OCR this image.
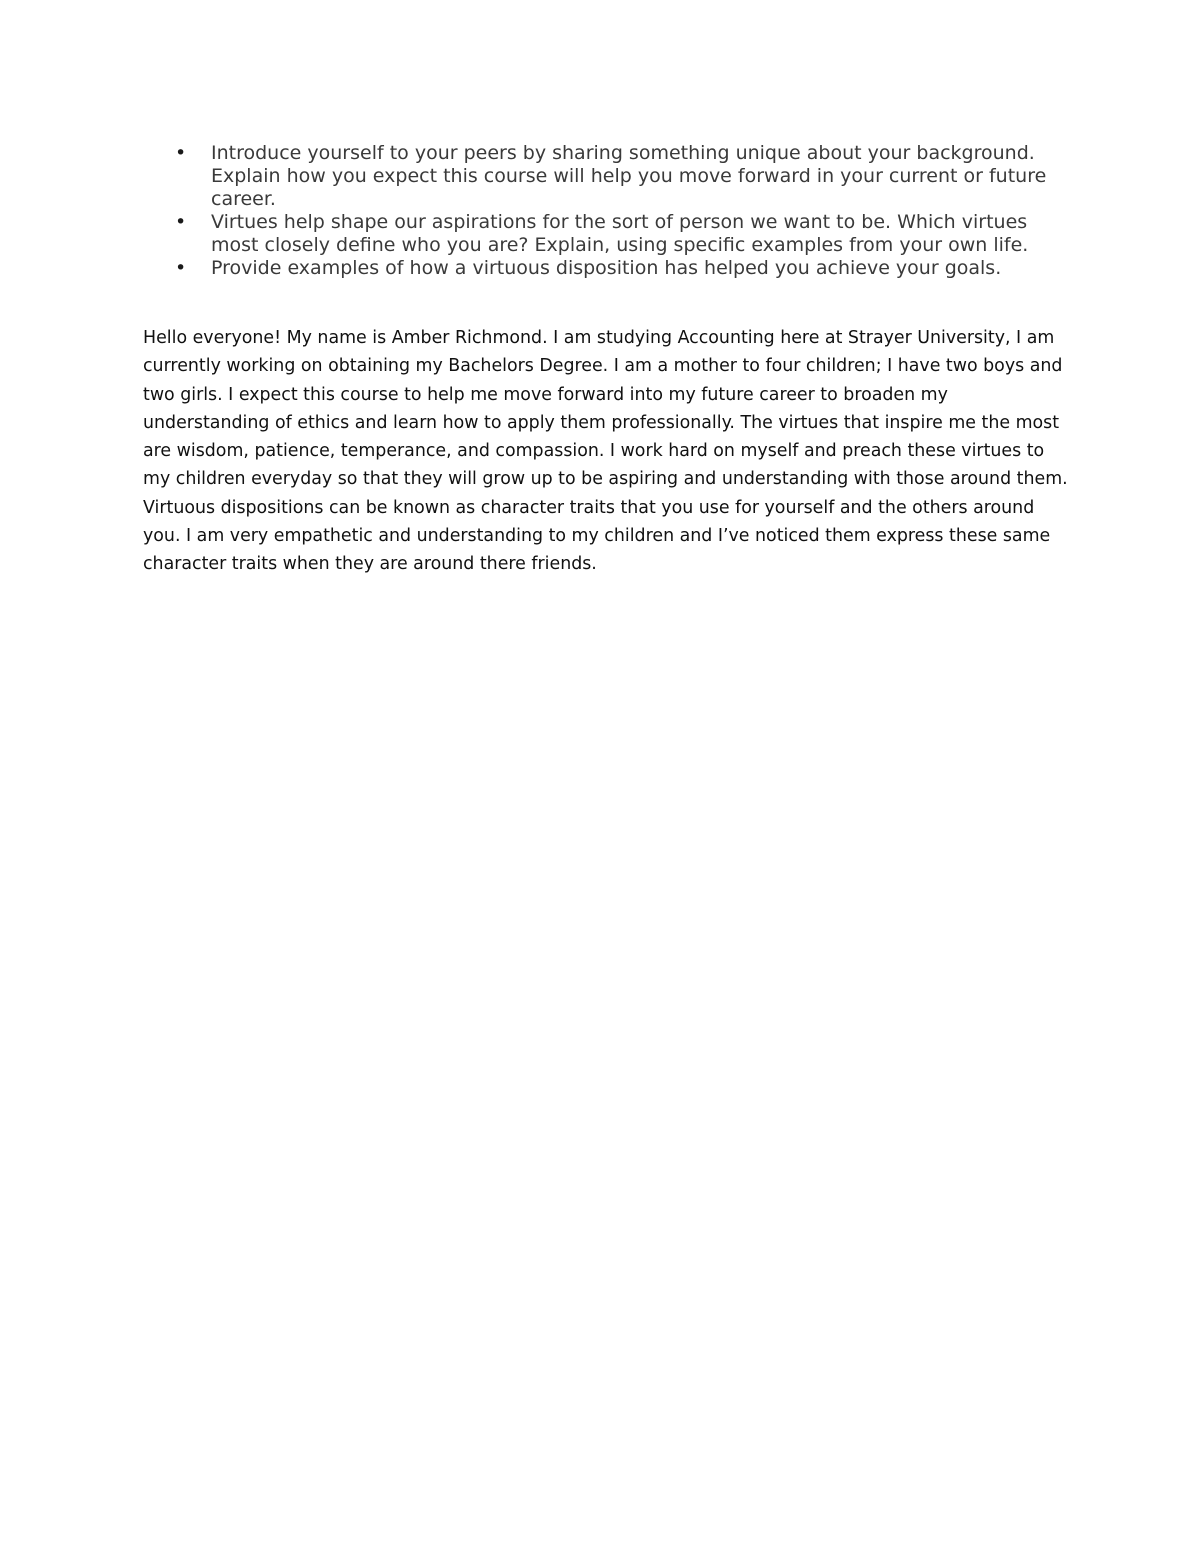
• Introduce yourself to your peers by sharing something unique about your background. Explain how you expect this course will help you move forward in your current or future career.
• Virtues help shape our aspirations for the sort of person we want to be. Which virtues most closely define who you are? Explain, using specific examples from your own life.
• Provide examples of how a virtuous disposition has helped you achieve your goals.

Hello everyone! My name is Amber Richmond. I am studying Accounting here at Strayer University, I am currently working on obtaining my Bachelors Degree. I am a mother to four children; I have two boys and two girls. I expect this course to help me move forward into my future career to broaden my understanding of ethics and learn how to apply them professionally. The virtues that inspire me the most are wisdom, patience, temperance, and compassion. I work hard on myself and preach these virtues to my children everyday so that they will grow up to be aspiring and understanding with those around them. Virtuous dispositions can be known as character traits that you use for yourself and the others around you. I am very empathetic and understanding to my children and I’ve noticed them express these same character traits when they are around there friends.
